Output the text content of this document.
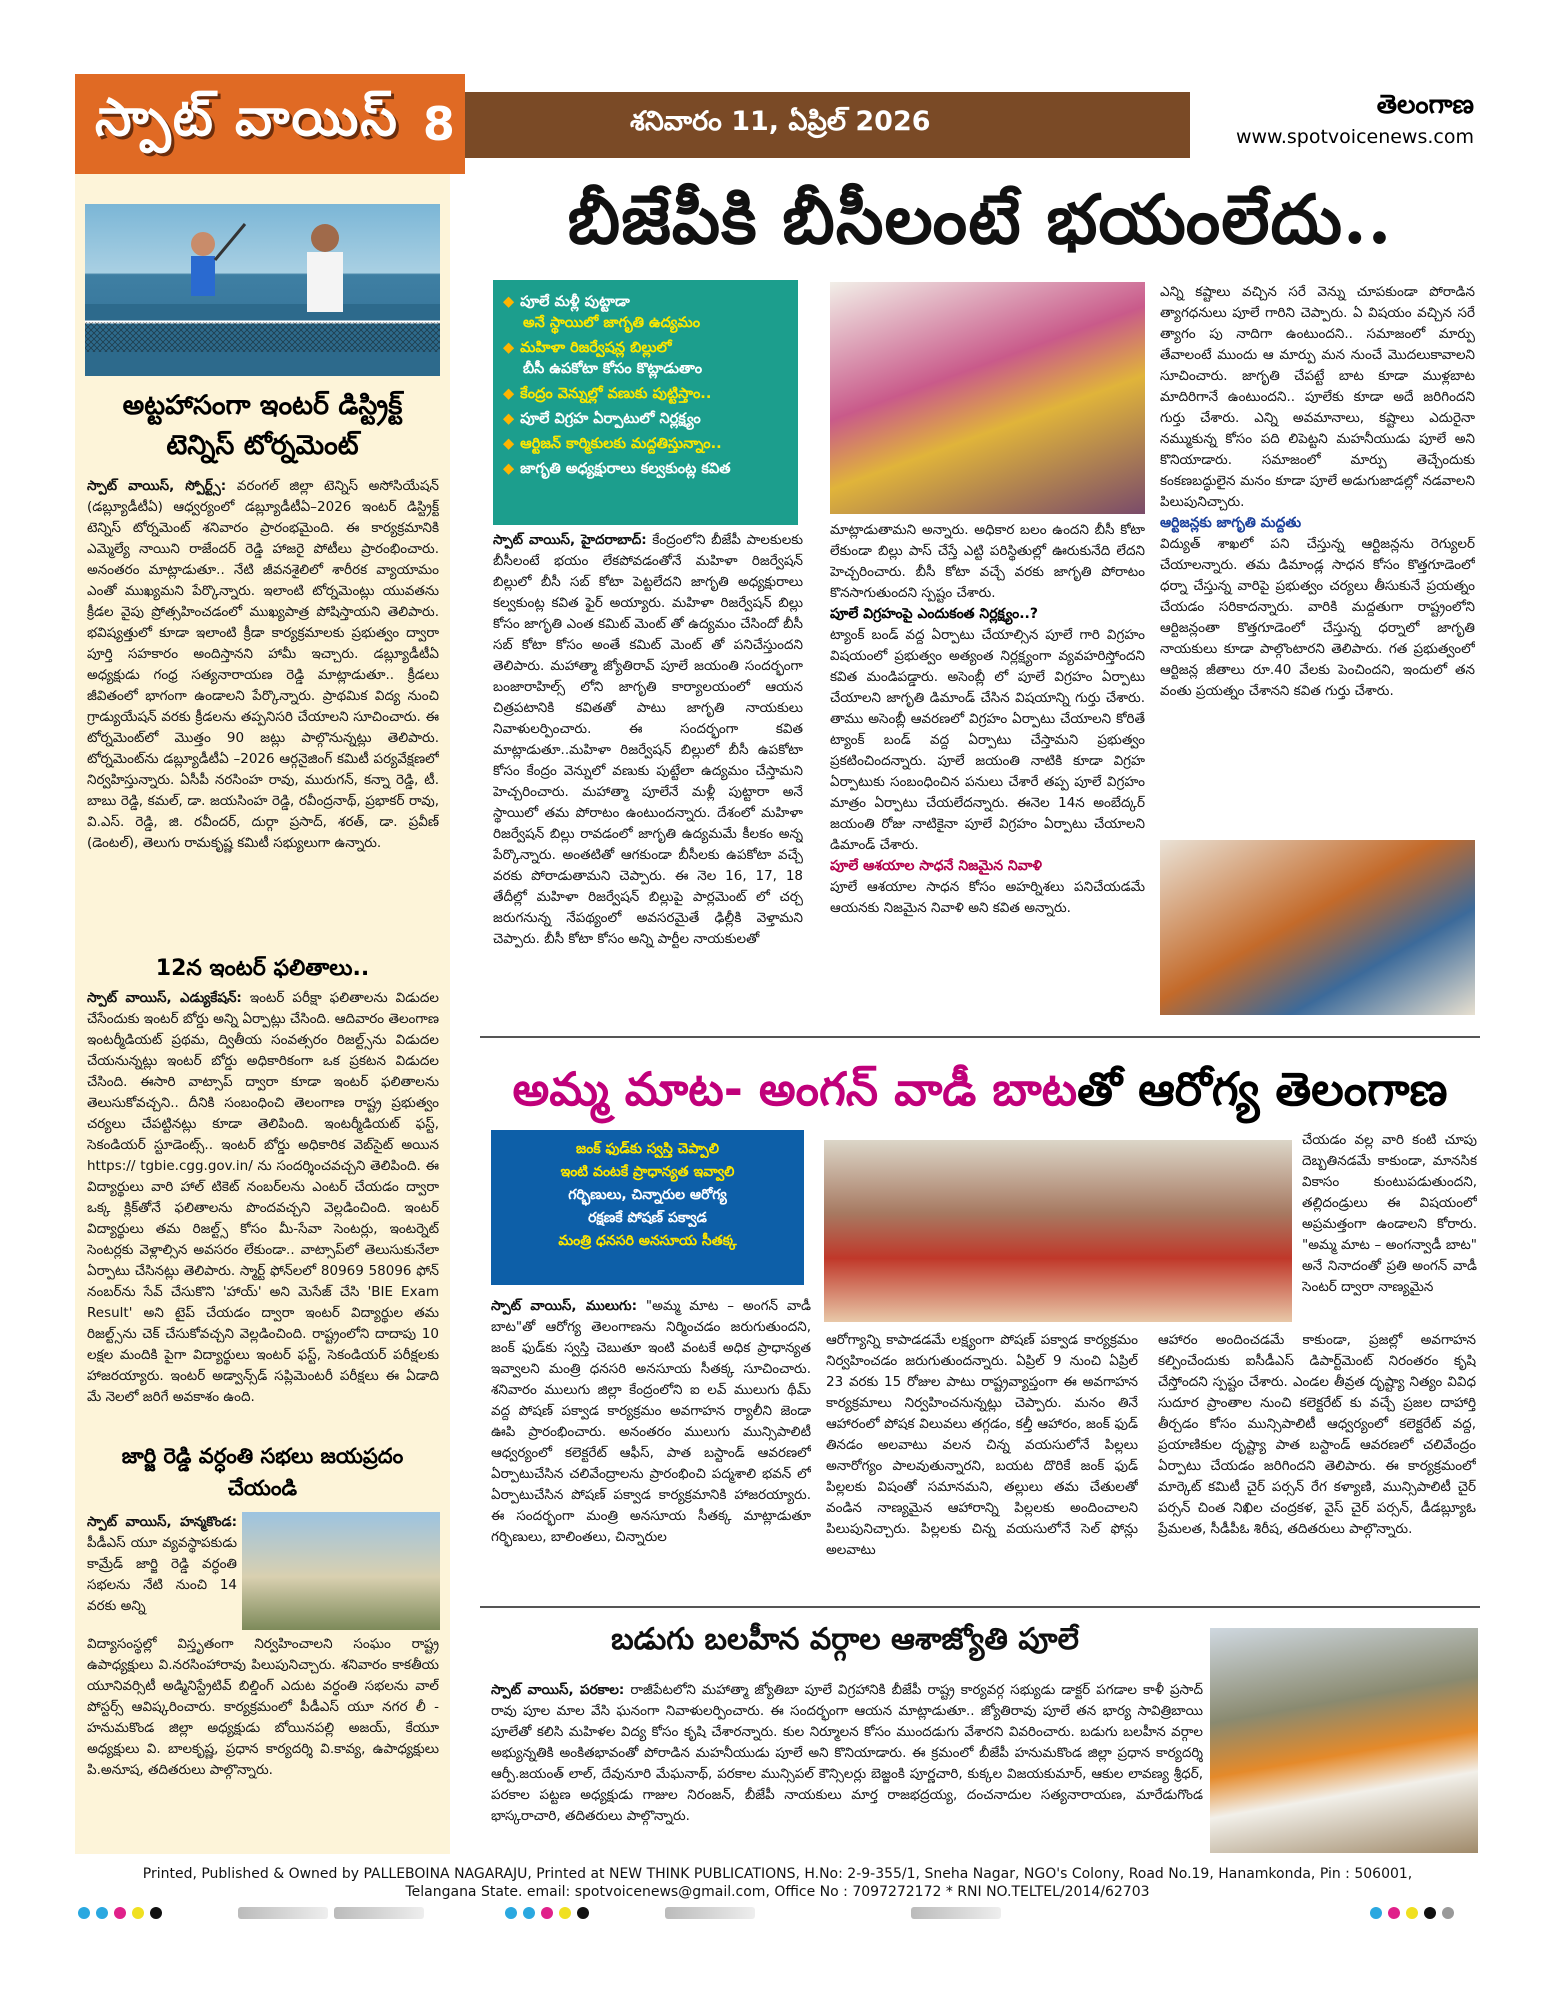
స్పాట్ వాయిస్ 8	శనివారం 11, ఏప్రిల్ 2026
తెలంగాణ
www.spotvoicenews.com
అట్టహాసంగా ఇంటర్ డిస్ట్రిక్ట్ టెన్నిస్ టోర్నమెంట్
స్పాట్ వాయిస్, స్పోర్ట్స్: వరంగల్ జిల్లా టెన్నిస్ అసోసియేషన్ (డబ్ల్యూడీటీఏ) ఆధ్వర్యంలో డబ్ల్యూడీటీఏ–2026 ఇంటర్ డిస్ట్రిక్ట్ టెన్నిస్ టోర్నమెంట్ శనివారం ప్రారంభమైంది. ఈ కార్యక్రమానికి ఎమ్మెల్యే నాయిని రాజేందర్ రెడ్డి హాజరై పోటీలు ప్రారంభించారు. అనంతరం మాట్లాడుతూ.. నేటి జీవనశైలిలో శారీరక వ్యాయామం ఎంతో ముఖ్యమని పేర్కొన్నారు. ఇలాంటి టోర్నమెంట్లు యువతను క్రీడల వైపు ప్రోత్సహించడంలో ముఖ్యపాత్ర పోషిస్తాయని తెలిపారు. భవిష్యత్తులో కూడా ఇలాంటి క్రీడా కార్యక్రమాలకు ప్రభుత్వం ద్వారా పూర్తి సహకారం అందిస్తానని హామీ ఇచ్చారు. డబ్ల్యూడీటీఏ అధ్యక్షుడు గంధ్ర సత్యనారాయణ రెడ్డి మాట్లాడుతూ.. క్రీడలు జీవితంలో భాగంగా ఉండాలని పేర్కొన్నారు. ప్రాథమిక విద్య నుంచి గ్రాడ్యుయేషన్ వరకు క్రీడలను తప్పనిసరి చేయాలని సూచించారు. ఈ టోర్నమెంట్‌లో మొత్తం 90 జట్లు పాల్గొనున్నట్లు తెలిపారు. టోర్నమెంట్‌ను డబ్ల్యూడీటీఏ –2026 ఆర్గనైజింగ్ కమిటీ పర్యవేక్షణలో నిర్వహిస్తున్నారు. ఏసీపీ నరసింహ రావు, మురుగన్, కన్నా రెడ్డి, టీ. బాబు రెడ్డి, కమల్, డా. జయసింహ రెడ్డి, రవీంద్రనాథ్, ప్రభాకర్ రావు, వి.ఎస్. రెడ్డి, జి. రవీందర్, దుర్గా ప్రసాద్, శరత్, డా. ప్రవీణ్ (డెంటల్), తెలుగు రామకృష్ణ కమిటీ సభ్యులుగా ఉన్నారు.
12న ఇంటర్ ఫలితాలు..
స్పాట్ వాయిస్, ఎడ్యుకేషన్: ఇంటర్ పరీక్షా ఫలితాలను విడుదల చేసేందుకు ఇంటర్ బోర్డు అన్ని ఏర్పాట్లు చేసింది. ఆదివారం తెలంగాణ ఇంటర్మీడియట్ ప్రథమ, ద్వితీయ సంవత్సరం రిజల్ట్స్‌ను విడుదల చేయనున్నట్లు ఇంటర్ బోర్డు అధికారికంగా ఒక ప్రకటన విడుదల చేసింది. ఈసారి వాట్సాప్ ద్వారా కూడా ఇంటర్ ఫలితాలను తెలుసుకోవచ్చని.. దీనికి సంబంధించి తెలంగాణ రాష్ట్ర ప్రభుత్వం చర్యలు చేపట్టినట్లు కూడా తెలిపింది. ఇంటర్మీడియట్ ఫస్ట్, సెకండియర్ స్టూడెంట్స్.. ఇంటర్ బోర్డు అధికారిక వెబ్‌సైట్ అయిన https:// tgbie.cgg.gov.in/ ను సందర్శించవచ్చని తెలిపింది. ఈ విద్యార్థులు వారి హాల్ టికెట్ నంబర్‌లను ఎంటర్ చేయడం ద్వారా ఒక్క క్లిక్‌తోనే ఫలితాలను పొందవచ్చని వెల్లడించింది. ఇంటర్ విద్యార్థులు తమ రిజల్ట్స్ కోసం మీ-సేవా సెంటర్లు, ఇంటర్నెట్ సెంటర్లకు వెళ్లాల్సిన అవసరం లేకుండా.. వాట్సాప్‌లో తెలుసుకునేలా ఏర్పాటు చేసినట్లు తెలిపారు. స్మార్ట్ ఫోన్‌లలో 80969 58096 ఫోన్ నంబర్‌ను సేవ్ చేసుకొని 'హాయ్' అని మెసేజ్ చేసి 'BIE Exam Result' అని టైప్ చేయడం ద్వారా ఇంటర్ విద్యార్థుల తమ రిజల్ట్స్‌ను చెక్ చేసుకోవచ్చని వెల్లడించింది. రాష్ట్రంలోని దాదాపు 10 లక్షల మందికి పైగా విద్యార్థులు ఇంటర్ ఫస్ట్, సెకండియర్ పరీక్షలకు హాజరయ్యారు. ఇంటర్ అడ్వాన్స్‌డ్ సప్లిమెంటరీ పరీక్షలు ఈ ఏడాది మే నెలలో జరిగే అవకాశం ఉంది.
జార్జి రెడ్డి వర్ధంతి సభలు జయప్రదం చేయండి
స్పాట్ వాయిస్, హన్మకొండ: పీడీఎస్ యూ వ్యవస్థాపకుడు కామ్రేడ్ జార్జి రెడ్డి వర్ధంతి సభలను నేటి నుంచి 14 వరకు అన్ని
విద్యాసంస్థల్లో విస్తృతంగా నిర్వహించాలని సంఘం రాష్ట్ర ఉపాధ్యక్షులు వి.నరసింహారావు పిలుపునిచ్చారు. శనివారం కాకతీయ యూనివర్సిటీ అడ్మినిస్ట్రేటివ్ బిల్డింగ్ ఎదుట వర్ధంతి సభలను వాల్ పోస్టర్స్ ఆవిష్కరించారు. కార్యక్రమంలో పీడీఎస్ యూ నగర లీ - హనుమకొండ జిల్లా అధ్యక్షుడు బోయినపల్లి అజయ్, కేయూ అధ్యక్షులు వి. బాలకృష్ణ, ప్రధాన కార్యదర్శి వి.కావ్య, ఉపాధ్యక్షులు పి.అనూష, తదితరులు పాల్గొన్నారు.
బీజేపీకి బీసీలంటే భయంలేదు..
◆ పూలే మళ్లీ పుట్టాడా
అనే స్థాయిలో జాగృతి ఉద్యమం
◆ మహిళా రిజర్వేషన్ల బిల్లులో
బీసీ ఉపకోటా కోసం కొట్లాడుతాం
◆ కేంద్రం వెన్నుల్లో వణుకు పుట్టిస్తాం..
◆ పూలే విగ్రహ ఏర్పాటులో నిర్లక్ష్యం
◆ ఆర్టిజన్ కార్మికులకు మద్దతిస్తున్నాం..
◆ జాగృతి అధ్యక్షురాలు కల్వకుంట్ల కవిత
స్పాట్ వాయిస్, హైదరాబాద్: కేంద్రంలోని బీజేపీ పాలకులకు బీసీలంటే భయం లేకపోవడంతోనే మహిళా రిజర్వేషన్ బిల్లులో బీసీ సబ్ కోటా పెట్టలేదని జాగృతి అధ్యక్షురాలు కల్వకుంట్ల కవిత ఫైర్ అయ్యారు. మహిళా రిజర్వేషన్ బిల్లు కోసం జాగృతి ఎంత కమిట్ మెంట్ తో ఉద్యమం చేసిందో బీసీ సబ్ కోటా కోసం అంతే కమిట్ మెంట్ తో పనిచేస్తుందని తెలిపారు. మహాత్మా జ్యోతిరావ్ పూలే జయంతి సందర్భంగా బంజారాహిల్స్ లోని జాగృతి కార్యాలయంలో ఆయన చిత్రపటానికి కవితతో పాటు జాగృతి నాయకులు నివాళులర్పించారు. ఈ సందర్భంగా కవిత మాట్లాడుతూ..మహిళా రిజర్వేషన్ బిల్లులో బీసీ ఉపకోటా కోసం కేంద్రం వెన్నులో వణుకు పుట్టేలా ఉద్యమం చేస్తామని హెచ్చరించారు. మహాత్మా పూలేనే మళ్లీ పుట్టారా అనే స్థాయిలో తమ పోరాటం ఉంటుందన్నారు. దేశంలో మహిళా రిజర్వేషన్ బిల్లు రావడంలో జాగృతి ఉద్యమమే కీలకం అన్న పేర్కొన్నారు. అంతటితో ఆగకుండా బీసీలకు ఉపకోటా వచ్చే వరకు పోరాడుతామని చెప్పారు. ఈ నెల 16, 17, 18 తేదీల్లో మహిళా రిజర్వేషన్ బిల్లుపై పార్లమెంట్ లో చర్చ జరుగనున్న నేపథ్యంలో అవసరమైతే ఢిల్లీకి వెళ్తామని చెప్పారు. బీసీ కోటా కోసం అన్ని పార్టీల నాయకులతో
మాట్లాడుతామని అన్నారు. అధికార బలం ఉందని బీసీ కోటా లేకుండా బిల్లు పాస్ చేస్తే ఎట్టి పరిస్థితుల్లో ఊరుకునేది లేదని హెచ్చరించారు. బీసీ కోటా వచ్చే వరకు జాగృతి పోరాటం కొనసాగుతుందని స్పష్టం చేశారు.
పూలే విగ్రహంపై ఎందుకంత నిర్లక్ష్యం..?
ట్యాంక్ బండ్ వద్ద ఏర్పాటు చేయాల్సిన పూలే గారి విగ్రహం విషయంలో ప్రభుత్వం అత్యంత నిర్లక్ష్యంగా వ్యవహరిస్తోందని కవిత మండిపడ్డారు. అసెంబ్లీ లో పూలే విగ్రహం ఏర్పాటు చేయాలని జాగృతి డిమాండ్ చేసిన విషయాన్ని గుర్తు చేశారు. తాము అసెంబ్లీ ఆవరణలో విగ్రహం ఏర్పాటు చేయాలని కోరితే ట్యాంక్ బండ్ వద్ద ఏర్పాటు చేస్తామని ప్రభుత్వం ప్రకటించిందన్నారు. పూలే జయంతి నాటికి కూడా విగ్రహ ఏర్పాటుకు సంబంధించిన పనులు చేశారే తప్ప పూలే విగ్రహం మాత్రం ఏర్పాటు చేయలేదన్నారు. ఈనెల 14న అంబేద్కర్ జయంతి రోజు నాటికైనా పూలే విగ్రహం ఏర్పాటు చేయాలని డిమాండ్ చేశారు.
పూలే ఆశయాల సాధనే నిజమైన నివాళి
పూలే ఆశయాల సాధన కోసం అహర్నిశలు పనిచేయడమే ఆయనకు నిజమైన నివాళి అని కవిత అన్నారు.
ఎన్ని కష్టాలు వచ్చిన సరే వెన్ను చూపకుండా పోరాడిన త్యాగధనులు పూలే గారిని చెప్పారు. ఏ విషయం వచ్చిన సరే త్యాగం పు నాదిగా ఉంటుందని.. సమాజంలో మార్పు తేవాలంటే ముందు ఆ మార్పు మన నుంచే మొదలుకావాలని సూచించారు. జాగృతి చేపట్టే బాట కూడా ముళ్లబాట మాదిరిగానే ఉంటుందని.. పూలేకు కూడా అదే జరిగిందని గుర్తు చేశారు. ఎన్ని అవమానాలు, కష్టాలు ఎదురైనా నమ్ముకున్న కోసం పది లిపెట్టని మహనీయుడు పూలే అని కొనియాడారు. సమాజంలో మార్పు తెచ్చేందుకు కంకణబద్ధులైన మనం కూడా పూలే అడుగుజాడల్లో నడవాలని పిలుపునిచ్చారు.
ఆర్టిజన్లకు జాగృతి మద్దతు
విద్యుత్ శాఖలో పని చేస్తున్న ఆర్టిజన్లను రెగ్యులర్ చేయాలన్నారు. తమ డిమాండ్ల సాధన కోసం కొత్తగూడెంలో ధర్నా చేస్తున్న వారిపై ప్రభుత్వం చర్యలు తీసుకునే ప్రయత్నం చేయడం సరికాదన్నారు. వారికి మద్దతుగా రాష్ట్రంలోని ఆర్టిజన్లంతా కొత్తగూడెంలో చేస్తున్న ధర్నాలో జాగృతి నాయకులు కూడా పాల్గొంటారని తెలిపారు. గత ప్రభుత్వంలో ఆర్టిజన్ల జీతాలు రూ.40 వేలకు పెంచిందని, ఇందులో తన వంతు ప్రయత్నం చేశానని కవిత గుర్తు చేశారు.
అమ్మ మాట- అంగన్ వాడీ బాటతో ఆరోగ్య తెలంగాణ
జంక్ ఫుడ్‌కు స్వస్తి చెప్పాలి
ఇంటి వంటకే ప్రాధాన్యత ఇవ్వాలి
గర్భిణులు, చిన్నారుల ఆరోగ్య
రక్షణకే పోషణ్ పక్వాడ
మంత్రి ధనసరి అనసూయ సీతక్క
స్పాట్ వాయిస్, ములుగు: "అమ్మ మాట – అంగన్ వాడీ బాట"తో ఆరోగ్య తెలంగాణను నిర్మించడం జరుగుతుందని, జంక్ ఫుడ్‌కు స్వస్తి చెబుతూ ఇంటి వంటకే అధిక ప్రాధాన్యత ఇవ్వాలని మంత్రి ధనసరి అనసూయ సీతక్క సూచించారు. శనివారం ములుగు జిల్లా కేంద్రంలోని ఐ లవ్ ములుగు థీమ్ వద్ద పోషణ్ పక్వాడ కార్యక్రమం అవగాహన ర్యాలీని జెండా ఊపి ప్రారంభించారు. అనంతరం ములుగు మున్సిపాలిటీ ఆధ్వర్యంలో కలెక్టరేట్ ఆఫీస్, పాత బస్టాండ్ ఆవరణలో ఏర్పాటుచేసిన చలివేంద్రాలను ప్రారంభించి పద్మశాలి భవన్ లో ఏర్పాటుచేసిన పోషణ్ పక్వాడ కార్యక్రమానికి హాజరయ్యారు. ఈ సందర్భంగా మంత్రి అనసూయ సీతక్క మాట్లాడుతూ గర్భిణులు, బాలింతలు, చిన్నారుల
ఆరోగ్యాన్ని కాపాడడమే లక్ష్యంగా పోషణ్ పక్వాడ కార్యక్రమం నిర్వహించడం జరుగుతుందన్నారు. ఏప్రిల్ 9 నుంచి ఏప్రిల్ 23 వరకు 15 రోజుల పాటు రాష్ట్రవ్యాప్తంగా ఈ అవగాహన కార్యక్రమాలు నిర్వహించనున్నట్లు చెప్పారు. మనం తినే ఆహారంలో పోషక విలువలు తగ్గడం, కల్తీ ఆహారం, జంక్ ఫుడ్ తినడం అలవాటు వలన చిన్న వయసులోనే పిల్లలు అనారోగ్యం పాలవుతున్నారని, బయట దొరికే జంక్ ఫుడ్ పిల్లలకు విషంతో సమానమని, తల్లులు తమ చేతులతో వండిన నాణ్యమైన ఆహారాన్ని పిల్లలకు అందించాలని పిలుపునిచ్చారు. పిల్లలకు చిన్న వయసులోనే సెల్ ఫోన్లు అలవాటు
చేయడం వల్ల వారి కంటి చూపు దెబ్బతినడమే కాకుండా, మానసిక వికాసం కుంటుపడుతుందని, తల్లిదండ్రులు ఈ విషయంలో అప్రమత్తంగా ఉండాలని కోరారు. "అమ్మ మాట – అంగన్వాడీ బాట" అనే నినాదంతో ప్రతి అంగన్ వాడీ సెంటర్ ద్వారా నాణ్యమైన
ఆహారం అందించడమే కాకుండా, ప్రజల్లో అవగాహన కల్పించేందుకు ఐసీడీఎస్ డిపార్ట్‌మెంట్ నిరంతరం కృషి చేస్తోందని స్పష్టం చేశారు. ఎండల తీవ్రత దృష్ట్యా నిత్యం వివిధ సుదూర ప్రాంతాల నుంచి కలెక్టరేట్ కు వచ్చే ప్రజల దాహార్తి తీర్చడం కోసం మున్సిపాలిటీ ఆధ్వర్యంలో కలెక్టరేట్ వద్ద, ప్రయాణికుల దృష్ట్యా పాత బస్టాండ్ ఆవరణలో చలివేంద్రం ఏర్పాటు చేయడం జరిగిందని తెలిపారు. ఈ కార్యక్రమంలో మార్కెట్ కమిటీ చైర్ పర్సన్ రేగ కళ్యాణి, మున్సిపాలిటీ చైర్ పర్సన్ చింత నిఖిల చంద్రకళ, వైస్ చైర్ పర్సన్, డీడబ్ల్యూఓ ప్రేమలత, సీడీపీఓ శిరీష, తదితరులు పాల్గొన్నారు.
బడుగు బలహీన వర్గాల ఆశాజ్యోతి పూలే
స్పాట్ వాయిస్, పరకాల: రాజీపేటలోని మహాత్మా జ్యోతిబా పూలే విగ్రహానికి బీజేపీ రాష్ట్ర కార్యవర్గ సభ్యుడు డాక్టర్ పగడాల కాళీ ప్రసాద్ రావు పూల మాల వేసి ఘనంగా నివాళులర్పించారు. ఈ సందర్భంగా ఆయన మాట్లాడుతూ.. జ్యోతిరావు పూలే తన భార్య సావిత్రిబాయి పూలేతో కలిసి మహిళల విద్య కోసం కృషి చేశారన్నారు. కుల నిర్మూలన కోసం ముందడుగు వేశారని వివరించారు. బడుగు బలహీన వర్గాల అభ్యున్నతికి అంకితభావంతో పోరాడిన మహనీయుడు పూలే అని కొనియాడారు. ఈ క్రమంలో బీజేపీ హనుమకొండ జిల్లా ప్రధాన కార్యదర్శి ఆర్పీ.జయంత్ లాల్, దేవునూరి మేఘనాథ్, పరకాల మున్సిపల్ కౌన్సిలర్లు బెజ్జంకి పూర్ణచారి, కుక్కల విజయకుమార్, ఆకుల లావణ్య శ్రీధర్, పరకాల పట్టణ అధ్యక్షుడు గాజుల నిరంజన్, బీజేపీ నాయకులు మార్త రాజభద్రయ్య, దంచనాదుల సత్యనారాయణ, మారేడుగొండ భాస్కరాచారి, తదితరులు పాల్గొన్నారు.
Printed, Published & Owned by PALLEBOINA NAGARAJU, Printed at NEW THINK PUBLICATIONS, H.No: 2-9-355/1, Sneha Nagar, NGO's Colony, Road No.19, Hanamkonda, Pin : 506001,
Telangana State. email: spotvoicenews@gmail.com, Office No : 7097272172 * RNI NO.TELTEL/2014/62703
